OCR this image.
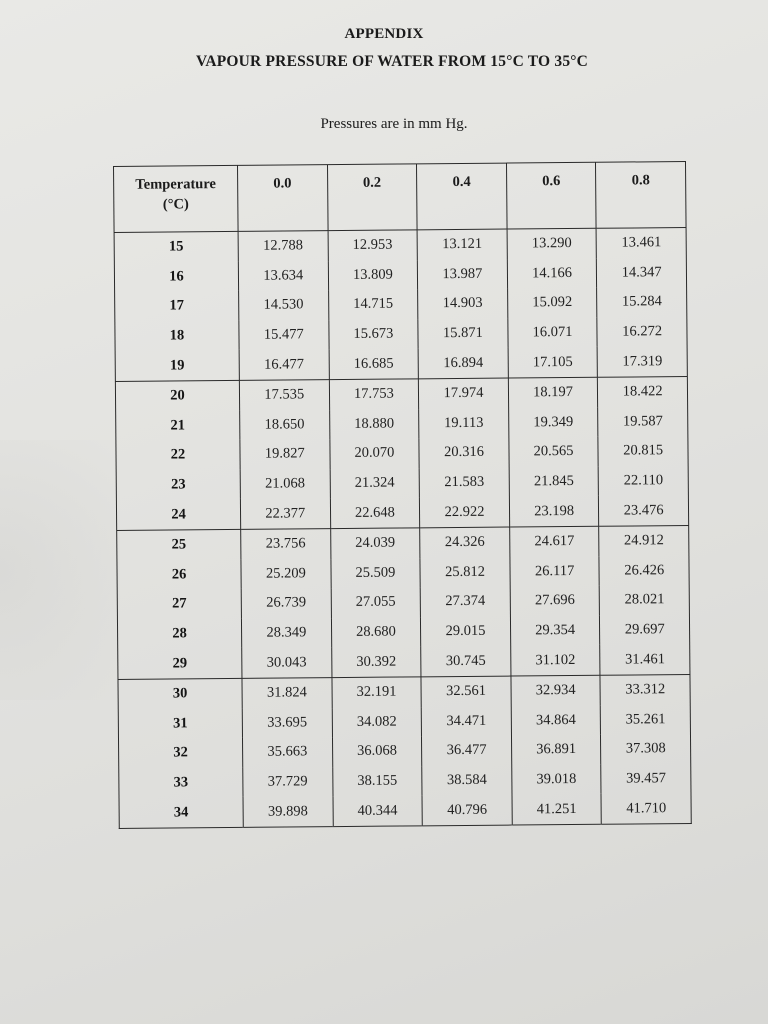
APPENDIX
VAPOUR PRESSURE OF WATER FROM 15°C TO 35°C
Pressures are in mm Hg.
Temperature
(°C)	0.0	0.2	0.4	0.6	0.8
15	12.788	12.953	13.121	13.290	13.461
16	13.634	13.809	13.987	14.166	14.347
17	14.530	14.715	14.903	15.092	15.284
18	15.477	15.673	15.871	16.071	16.272
19	16.477	16.685	16.894	17.105	17.319
20	17.535	17.753	17.974	18.197	18.422
21	18.650	18.880	19.113	19.349	19.587
22	19.827	20.070	20.316	20.565	20.815
23	21.068	21.324	21.583	21.845	22.110
24	22.377	22.648	22.922	23.198	23.476
25	23.756	24.039	24.326	24.617	24.912
26	25.209	25.509	25.812	26.117	26.426
27	26.739	27.055	27.374	27.696	28.021
28	28.349	28.680	29.015	29.354	29.697
29	30.043	30.392	30.745	31.102	31.461
30	31.824	32.191	32.561	32.934	33.312
31	33.695	34.082	34.471	34.864	35.261
32	35.663	36.068	36.477	36.891	37.308
33	37.729	38.155	38.584	39.018	39.457
34	39.898	40.344	40.796	41.251	41.710
